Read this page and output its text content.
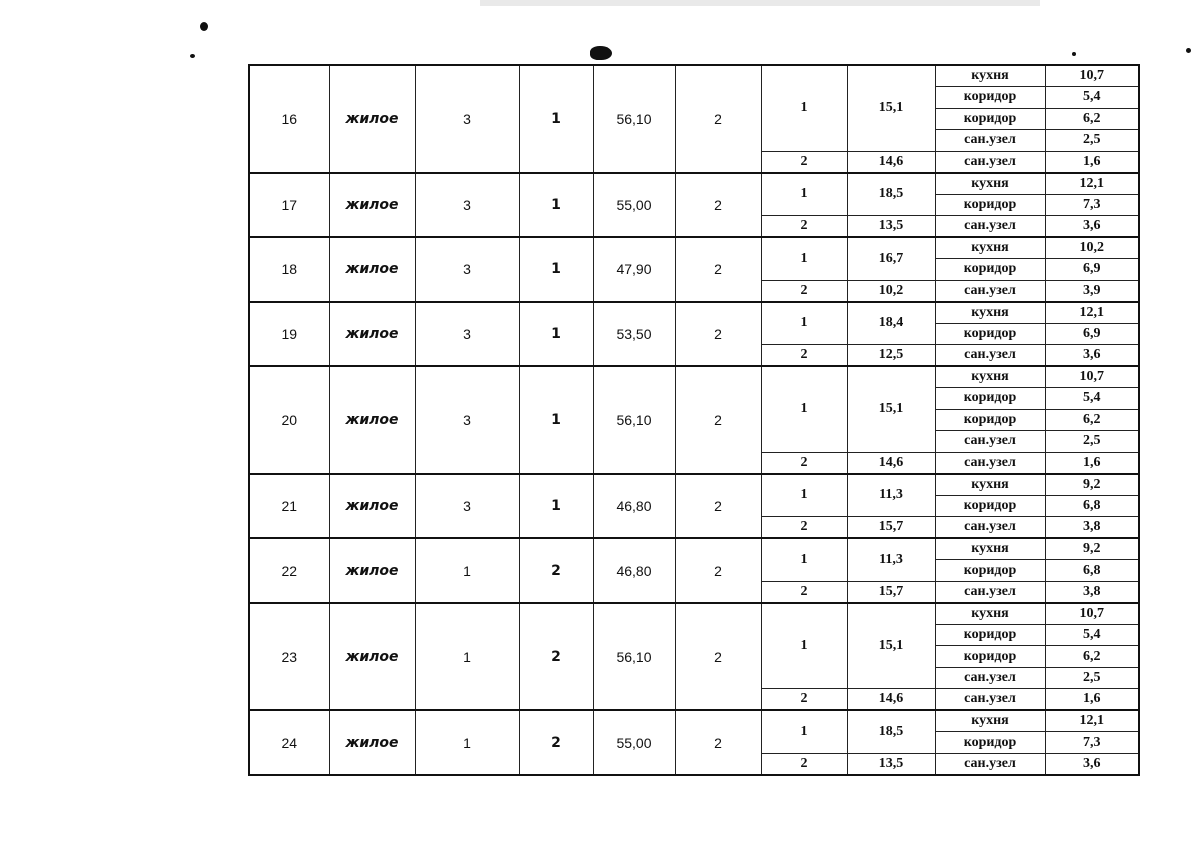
16	жилое	3	1	56,10	2	1	15,1	кухня	10,7
								коридор	5,4
								коридор	6,2
								сан.узел	2,5
						2	14,6	сан.узел	1,6
17	жилое	3	1	55,00	2	1	18,5	кухня	12,1
								коридор	7,3
						2	13,5	сан.узел	3,6
18	жилое	3	1	47,90	2	1	16,7	кухня	10,2
								коридор	6,9
						2	10,2	сан.узел	3,9
19	жилое	3	1	53,50	2	1	18,4	кухня	12,1
								коридор	6,9
						2	12,5	сан.узел	3,6
20	жилое	3	1	56,10	2	1	15,1	кухня	10,7
								коридор	5,4
								коридор	6,2
								сан.узел	2,5
						2	14,6	сан.узел	1,6
21	жилое	3	1	46,80	2	1	11,3	кухня	9,2
								коридор	6,8
						2	15,7	сан.узел	3,8
22	жилое	1	2	46,80	2	1	11,3	кухня	9,2
								коридор	6,8
						2	15,7	сан.узел	3,8
23	жилое	1	2	56,10	2	1	15,1	кухня	10,7
								коридор	5,4
								коридор	6,2
								сан.узел	2,5
						2	14,6	сан.узел	1,6
24	жилое	1	2	55,00	2	1	18,5	кухня	12,1
								коридор	7,3
						2	13,5	сан.узел	3,6
